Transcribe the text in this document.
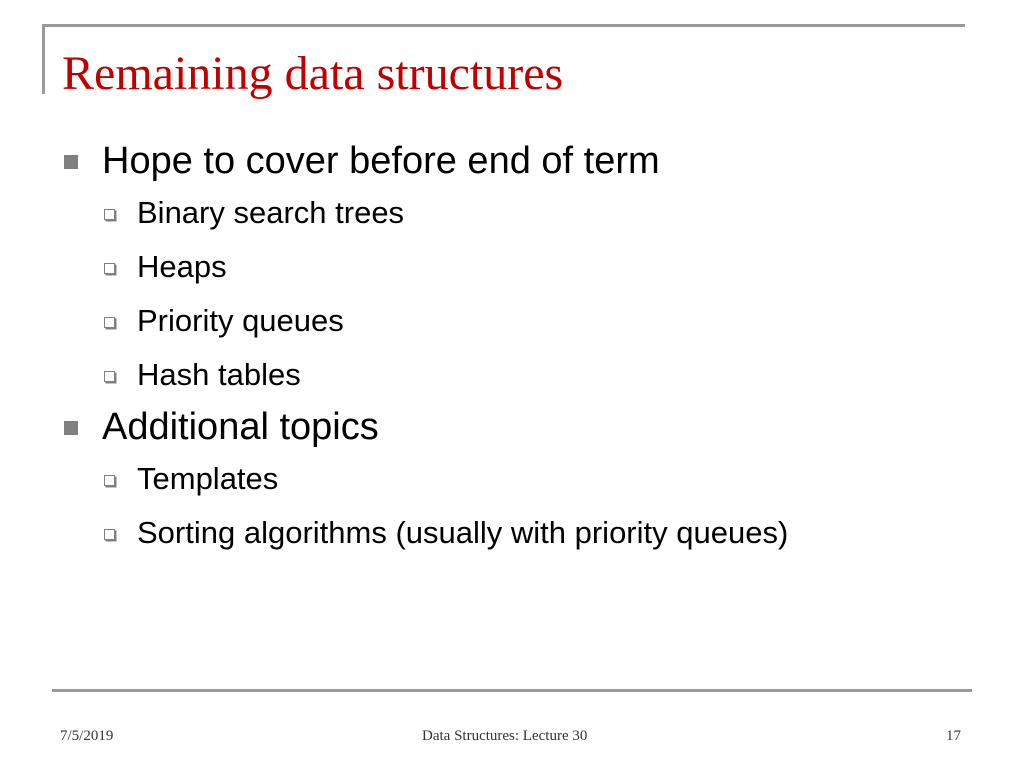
Remaining data structures
Hope to cover before end of term
Binary search trees
Heaps
Priority queues
Hash tables
Additional topics
Templates
Sorting algorithms (usually with priority queues)
7/5/2019	Data Structures: Lecture 30	17
